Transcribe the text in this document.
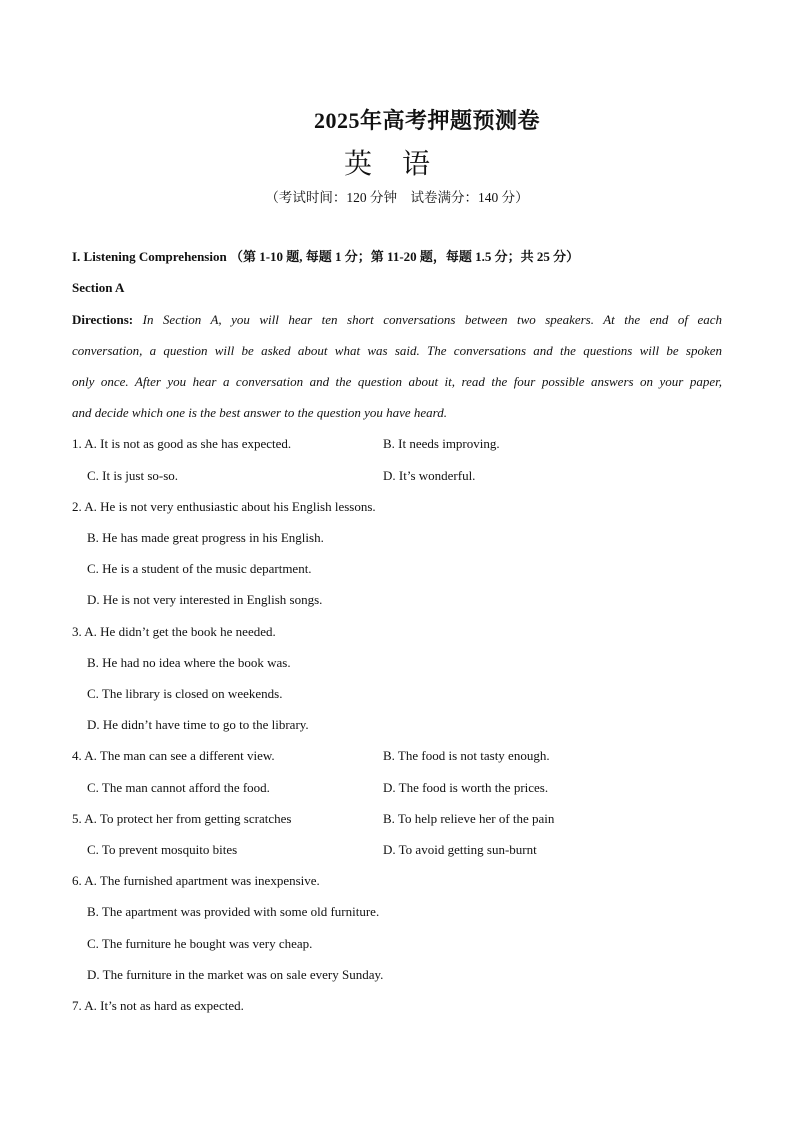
2025年高考押题预测卷
英语
（考试时间：120 分钟　试卷满分：140 分）
I. Listening Comprehension （第 1-10 题, 每题 1 分；第 11-20 题，每题 1.5 分；共 25 分）
Section A
Directions: In Section A, you will hear ten short conversations between two speakers. At the end of each
conversation, a question will be asked about what was said. The conversations and the questions will be spoken
only once. After you hear a conversation and the question about it, read the four possible answers on your paper,
and decide which one is the best answer to the question you have heard.
1. A. It is not as good as she has expected.	B. It needs improving.
C. It is just so-so.	D. It’s wonderful.
2. A. He is not very enthusiastic about his English lessons.
B. He has made great progress in his English.
C. He is a student of the music department.
D. He is not very interested in English songs.
3. A. He didn’t get the book he needed.
B. He had no idea where the book was.
C. The library is closed on weekends.
D. He didn’t have time to go to the library.
4. A. The man can see a different view.	B. The food is not tasty enough.
C. The man cannot afford the food.	D. The food is worth the prices.
5. A. To protect her from getting scratches	B. To help relieve her of the pain
C. To prevent mosquito bites	D. To avoid getting sun-burnt
6. A. The furnished apartment was inexpensive.
B. The apartment was provided with some old furniture.
C. The furniture he bought was very cheap.
D. The furniture in the market was on sale every Sunday.
7. A. It’s not as hard as expected.
